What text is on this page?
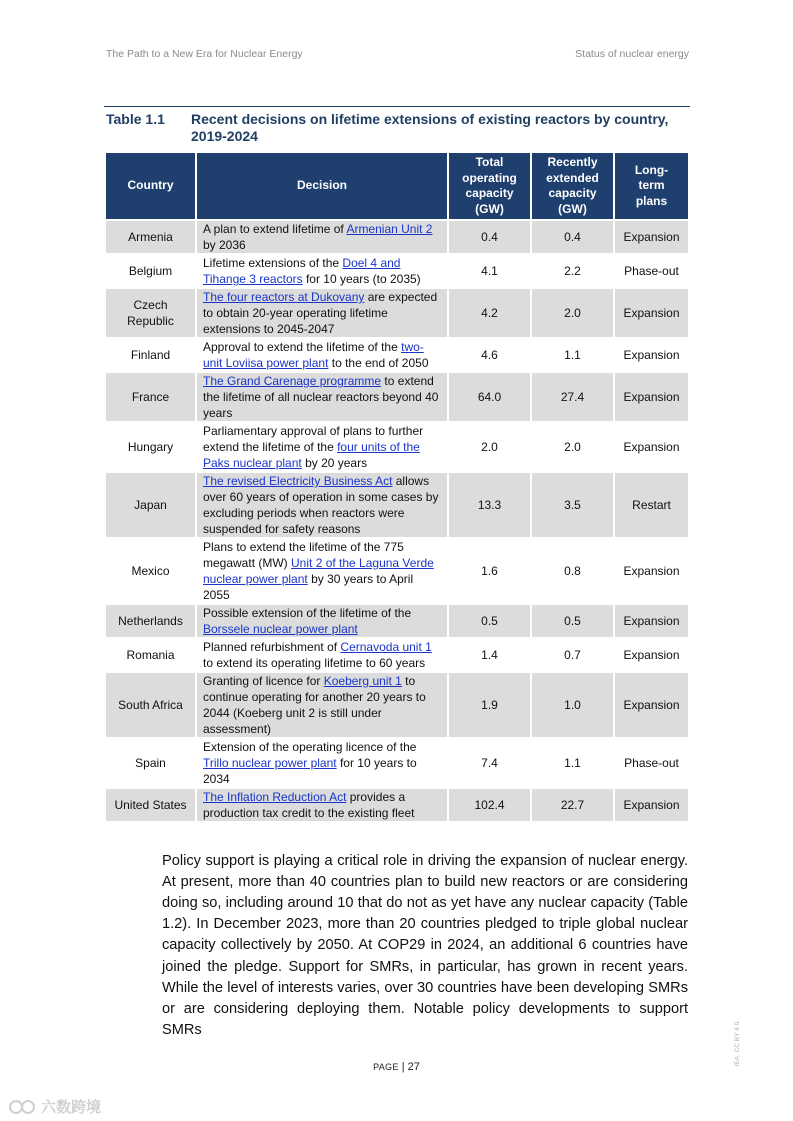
The Path to a New Era for Nuclear Energy	Status of nuclear energy
Table 1.1 Recent decisions on lifetime extensions of existing reactors by country, 2019-2024
Country	Decision	Total
operating
capacity
(GW)	Recently
extended
capacity
(GW)	Long-
term
plans
Armenia	A plan to extend lifetime of Armenian Unit 2 by 2036	0.4	0.4	Expansion
Belgium	Lifetime extensions of the Doel 4 and Tihange 3 reactors for 10 years (to 2035)	4.1	2.2	Phase-out
Czech Republic	The four reactors at Dukovany are expected to obtain 20-year operating lifetime extensions to 2045-2047	4.2	2.0	Expansion
Finland	Approval to extend the lifetime of the two-unit Loviisa power plant to the end of 2050	4.6	1.1	Expansion
France	The Grand Carenage programme to extend the lifetime of all nuclear reactors beyond 40 years	64.0	27.4	Expansion
Hungary	Parliamentary approval of plans to further extend the lifetime of the four units of the Paks nuclear plant by 20 years	2.0	2.0	Expansion
Japan	The revised Electricity Business Act allows over 60 years of operation in some cases by excluding periods when reactors were suspended for safety reasons	13.3	3.5	Restart
Mexico	Plans to extend the lifetime of the 775 megawatt (MW) Unit 2 of the Laguna Verde nuclear power plant by 30 years to April 2055	1.6	0.8	Expansion
Netherlands	Possible extension of the lifetime of the Borssele nuclear power plant	0.5	0.5	Expansion
Romania	Planned refurbishment of Cernavoda unit 1 to extend its operating lifetime to 60 years	1.4	0.7	Expansion
South Africa	Granting of licence for Koeberg unit 1 to continue operating for another 20 years to 2044 (Koeberg unit 2 is still under assessment)	1.9	1.0	Expansion
Spain	Extension of the operating licence of the Trillo nuclear power plant for 10 years to 2034	7.4	1.1	Phase-out
United States	The Inflation Reduction Act provides a production tax credit to the existing fleet	102.4	22.7	Expansion

Policy support is playing a critical role in driving the expansion of nuclear energy. At present, more than 40 countries plan to build new reactors or are considering doing so, including around 10 that do not as yet have any nuclear capacity (Table 1.2). In December 2023, more than 20 countries pledged to triple global nuclear capacity collectively by 2050. At COP29 in 2024, an additional 6 countries have joined the pledge. Support for SMRs, in particular, has grown in recent years. While the level of interests varies, over 30 countries have been developing SMRs or are considering deploying them. Notable policy developments to support SMRs

PAGE | 27
IEA. CC BY 4.0.
六数跨境
